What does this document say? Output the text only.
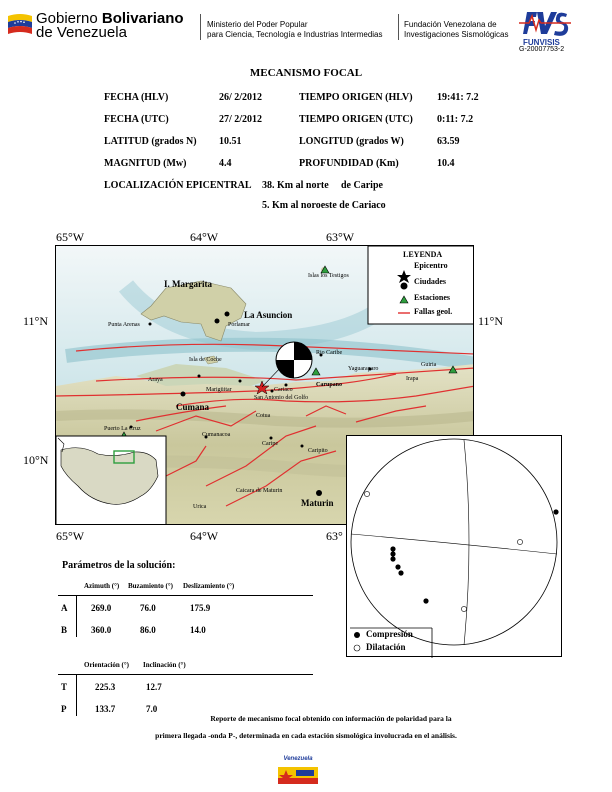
Gobierno Bolivariano
de Venezuela	Ministerio del Poder Popular
para Ciencia, Tecnología e Industrias Intermedias
Fundación Venezolana de
Investigaciones Sismológicas
FUNVISIS
G-20007753-2
MECANISMO FOCAL
FECHA (HLV)	26/ 2/2012	TIEMPO ORIGEN (HLV) 19:41: 7.2
FECHA (UTC)	27/ 2/2012	TIEMPO ORIGEN (UTC) 0:11: 7.2
LATITUD (grados N) 10.51	LONGITUD (grados W)	63.59
MAGNITUD (Mw)	4.4	PROFUNDIDAD (Km)	10.4
LOCALIZACIÓN EPICENTRAL 38. Km al norte de Caripe
5. Km al noroeste de Cariaco
65°W	64°W	63°W
65°W	64°W	63°
11°N
10°N
11°N
I. Margarita
La Asuncion
Cumana
Maturin
Carupano
Islas los Testigos
Punta Arenas	Porlamar
Isla de Coche
Araya
Marigüitar	Cariaco
San Antonio del Golfo
Rio Caribe
Yaguaraparo
Irapa
Guiria
Puerto La Cruz
Cumanacoa
Caripe
Caripito
Caicara de Maturin
Urica
Cotua
LEYENDA
Epicentro
Ciudades
Estaciones
Fallas geol.
Compresión
Dilatación
Parámetros de la solución:
Azimuth (°) Buzamiento (°) Deslizamiento (°)
A	269.0	76.0	175.9
B	360.0	86.0	14.0
Orientación (°) Inclinación (°)
T	225.3	12.7
P	133.7	7.0
Reporte de mecanismo focal obtenido con información de polaridad para la
primera llegada -onda P-, determinada en cada estación sismológica involucrada en el análisis.
Venezuela
